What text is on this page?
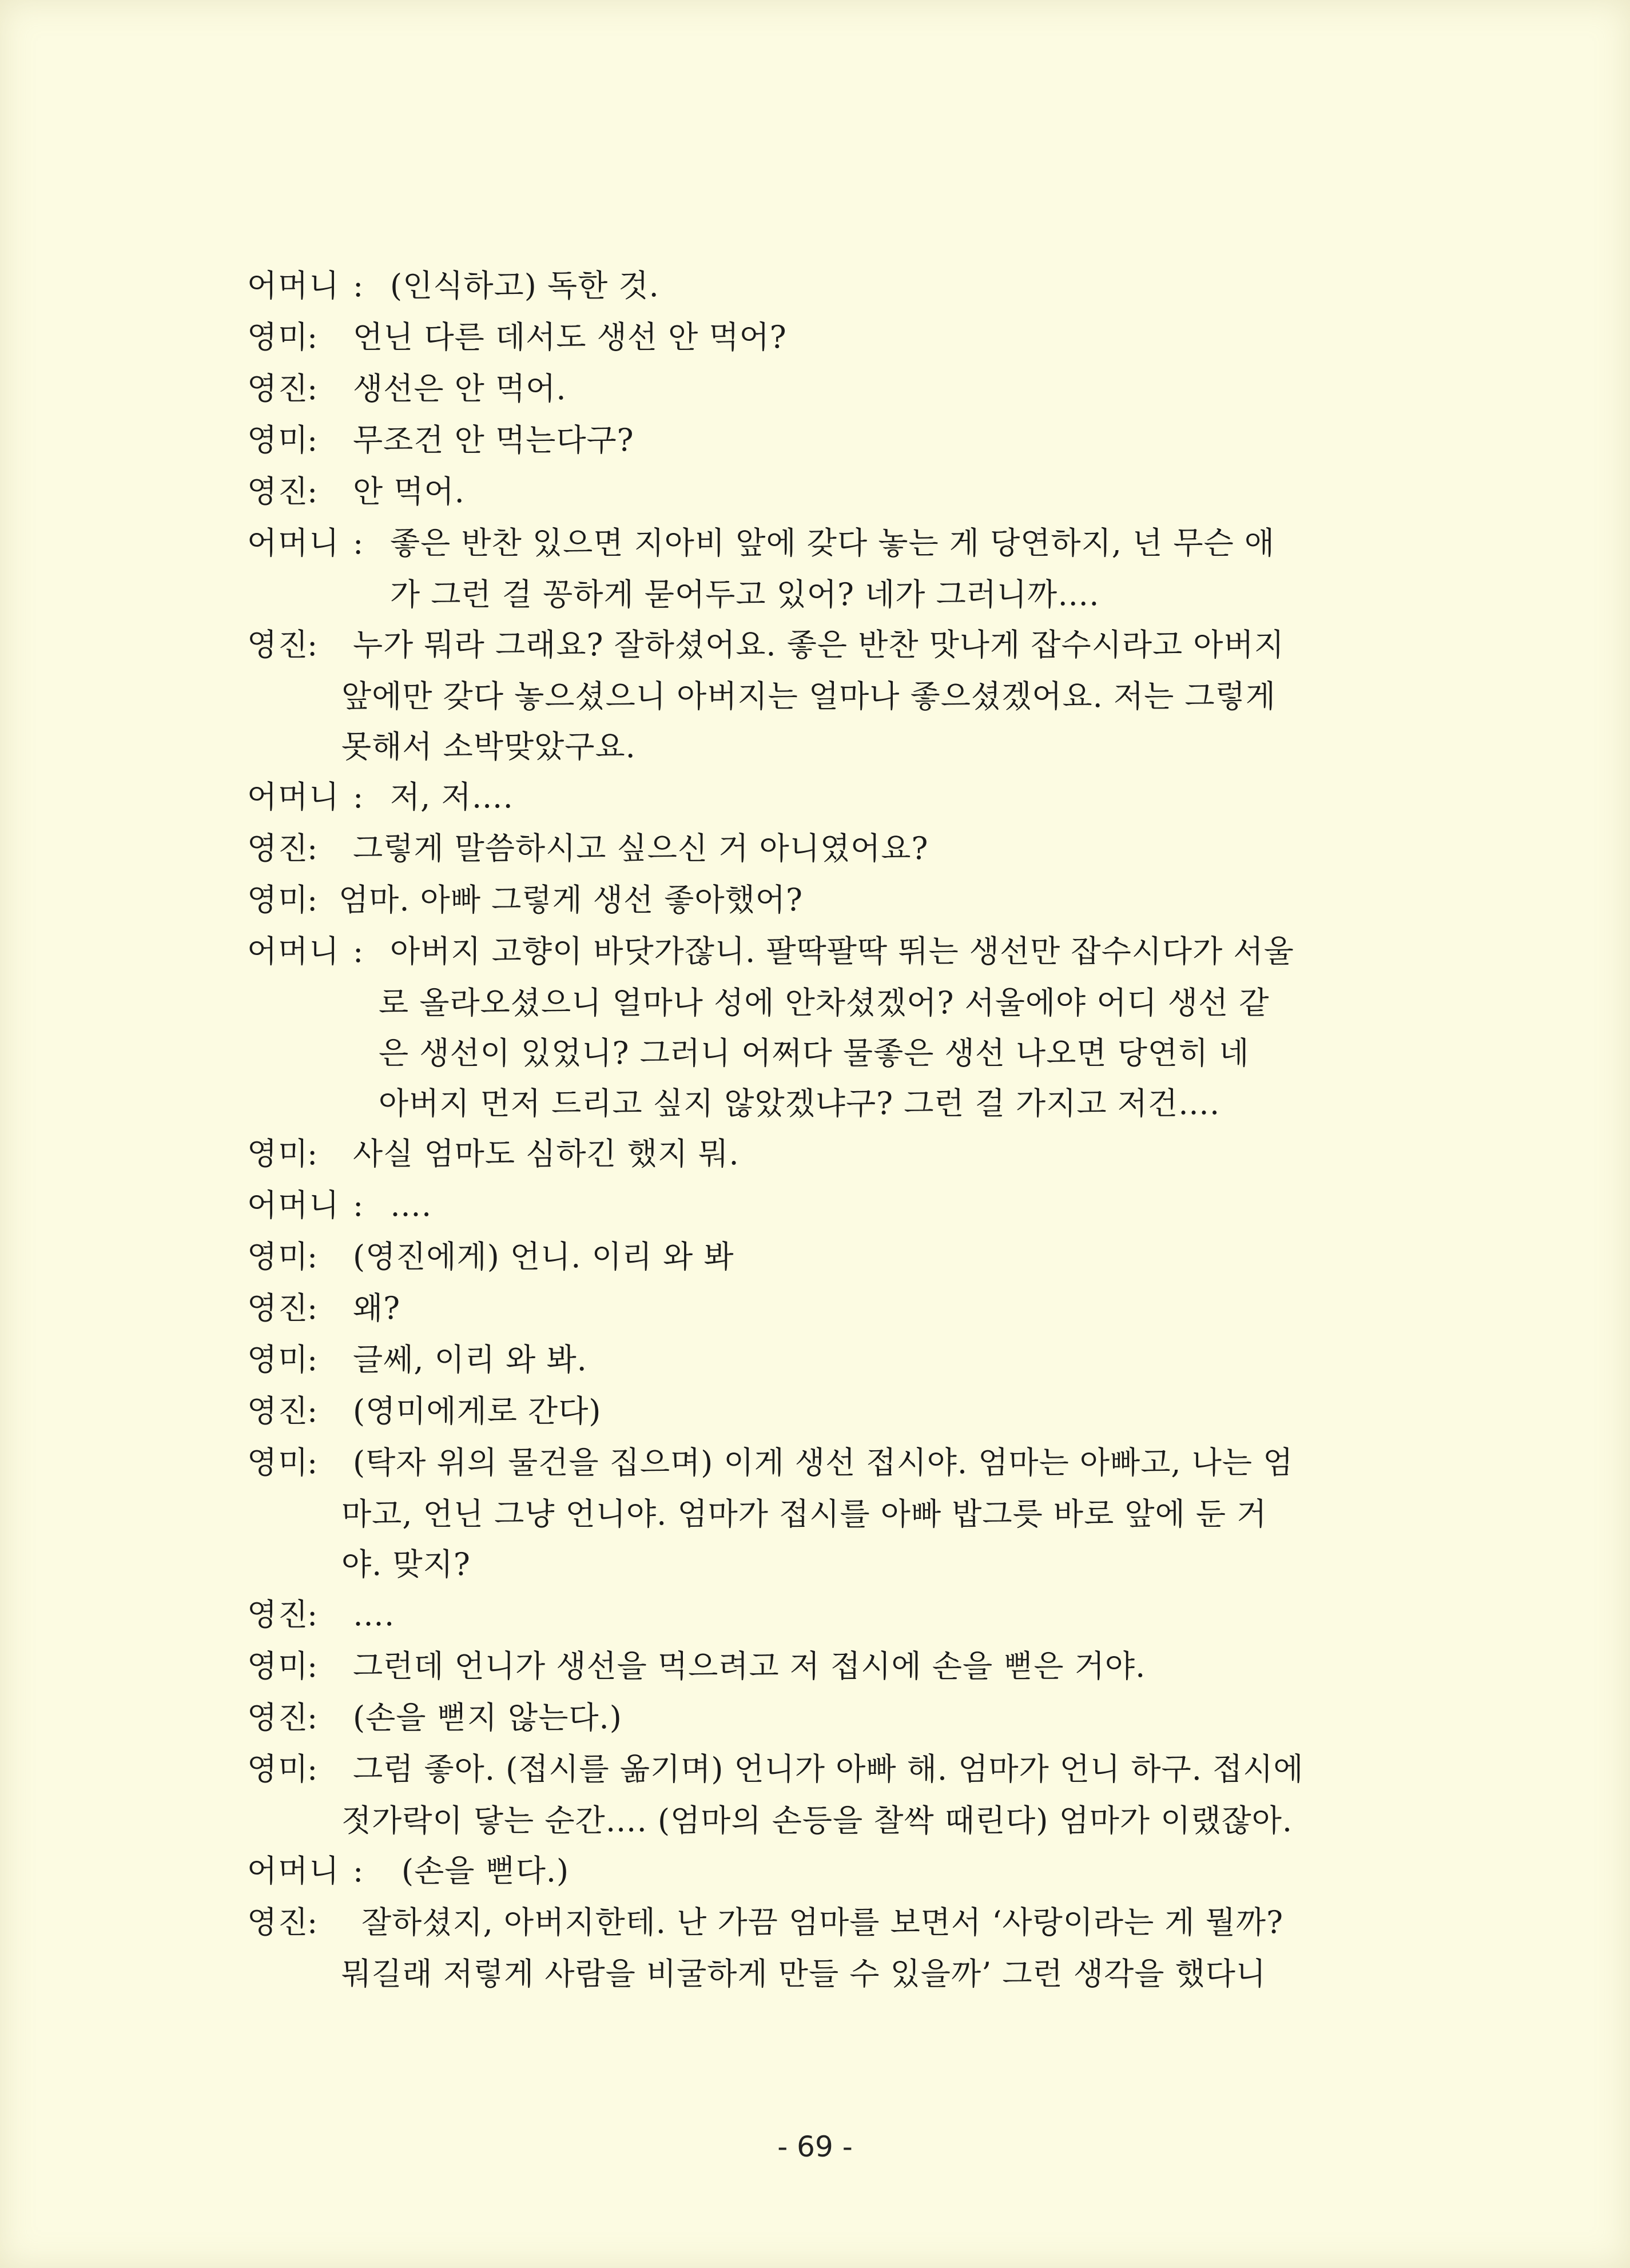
어머니 : (인식하고) 독한 것.
영미
: 언닌 다른 데서도 생선 안 먹어?
영진
: 생선은 안 먹어.
영미
: 무조건 안 먹는다구?
영진
: 안 먹어.
어머니 : 좋은 반찬 있으면 지아비 앞에 갖다 놓는 게 당연하지, 넌 무슨 애
가 그런 걸 꽁하게 묻어두고 있어? 네가 그러니까….
영진
: 누가 뭐라 그래요? 잘하셨어요. 좋은 반찬 맛나게 잡수시라고 아버지
앞에만 갖다 놓으셨으니 아버지는 얼마나 좋으셨겠어요. 저는 그렇게
못해서 소박맞았구요.
어머니 : 저, 저….
영진
: 그렇게 말씀하시고 싶으신 거 아니였어요?
영미
: 엄마. 아빠 그렇게 생선 좋아했어?
어머니 : 아버지 고향이 바닷가잖니. 팔딱팔딱 뛰는 생선만 잡수시다가 서울
로 올라오셨으니 얼마나 성에 안차셨겠어? 서울에야 어디 생선 같
은 생선이 있었니? 그러니 어쩌다 물좋은 생선 나오면 당연히 네
아버지 먼저 드리고 싶지 않았겠냐구? 그런 걸 가지고 저건….
영미
: 사실 엄마도 심하긴 했지 뭐.
어머니 : ….
영미
: (영진에게) 언니. 이리 와 봐
영진
: 왜?
영미
: 글쎄, 이리 와 봐.
영진
: (영미에게로 간다)
영미
: (탁자 위의 물건을 집으며) 이게 생선 접시야. 엄마는 아빠고, 나는 엄
마고, 언닌 그냥 언니야. 엄마가 접시를 아빠 밥그릇 바로 앞에 둔 거
야. 맞지?
영진
: ….
영미
: 그런데 언니가 생선을 먹으려고 저 접시에 손을 뻗은 거야.
영진
: (손을 뻗지 않는다.)
영미
: 그럼 좋아. (접시를 옮기며) 언니가 아빠 해. 엄마가 언니 하구. 접시에
젓가락이 닿는 순간…. (엄마의 손등을 찰싹 때린다) 엄마가 이랬잖아.
어머니 : (손을 뻗다.)
영진
: 잘하셨지, 아버지한테. 난 가끔 엄마를 보면서 ‘사랑이라는 게 뭘까?
뭐길래 저렇게 사람을 비굴하게 만들 수 있을까’ 그런 생각을 했다니
- 69 -
